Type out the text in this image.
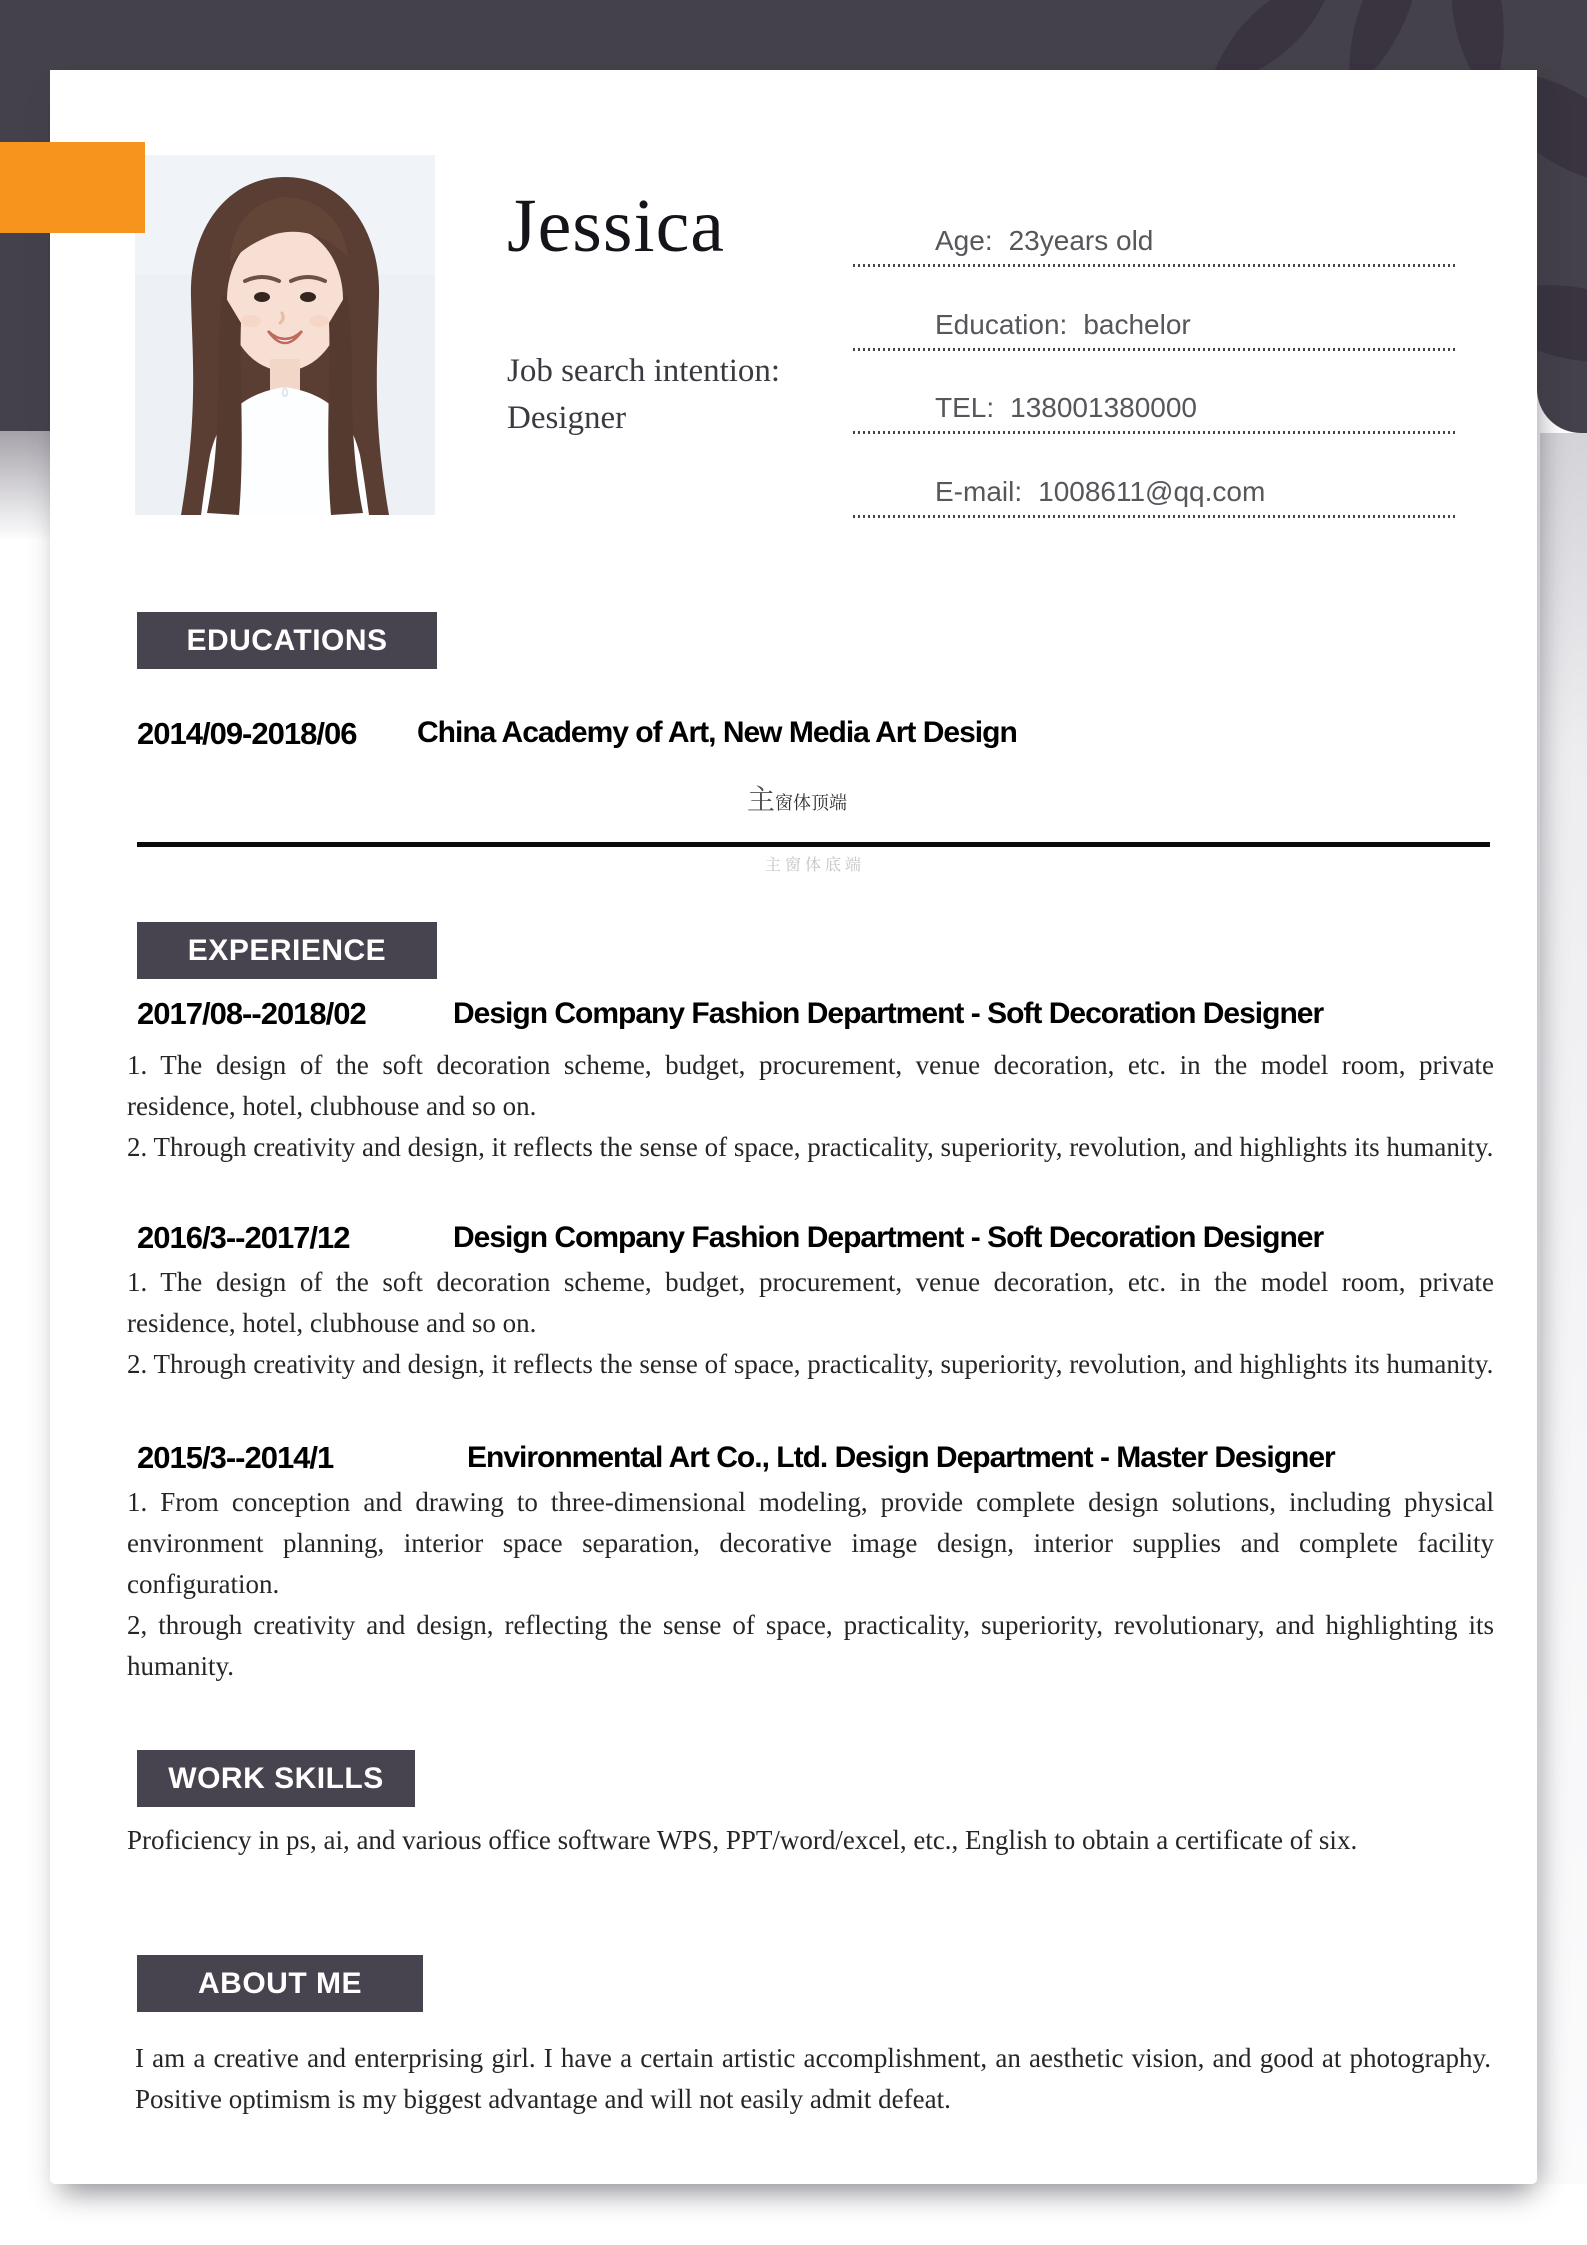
Jessica
Job search intention:
Designer
Age: 23years old
Education: bachelor
TEL: 138001380000
E-mail: 1008611@qq.com
EDUCATIONS
2014/09-2018/06 China Academy of Art, New Media Art Design
主窗体顶端
主窗体底端
EXPERIENCE
2017/08--2018/02	Design Company Fashion Department - Soft Decoration Designer

1. The design of the soft decoration scheme, budget, procurement, venue decoration, etc. in the model room, private residence, hotel, clubhouse and so on.

2. Through creativity and design, it reflects the sense of space, practicality, superiority, revolution, and highlights its humanity.

2016/3--2017/12	Design Company Fashion Department - Soft Decoration Designer

1. The design of the soft decoration scheme, budget, procurement, venue decoration, etc. in the model room, private residence, hotel, clubhouse and so on.

2. Through creativity and design, it reflects the sense of space, practicality, superiority, revolution, and highlights its humanity.

2015/3--2014/1	Environmental Art Co., Ltd. Design Department - Master Designer

1. From conception and drawing to three-dimensional modeling, provide complete design solutions, including physical environment planning, interior space separation, decorative image design, interior supplies and complete facility configuration.

2, through creativity and design, reflecting the sense of space, practicality, superiority, revolutionary, and highlighting its humanity.

WORK SKILLS

Proficiency in ps, ai, and various office software WPS, PPT/word/excel, etc., English to obtain a certificate of six.

ABOUT ME

I am a creative and enterprising girl. I have a certain artistic accomplishment, an aesthetic vision, and good at photography. Positive optimism is my biggest advantage and will not easily admit defeat.
